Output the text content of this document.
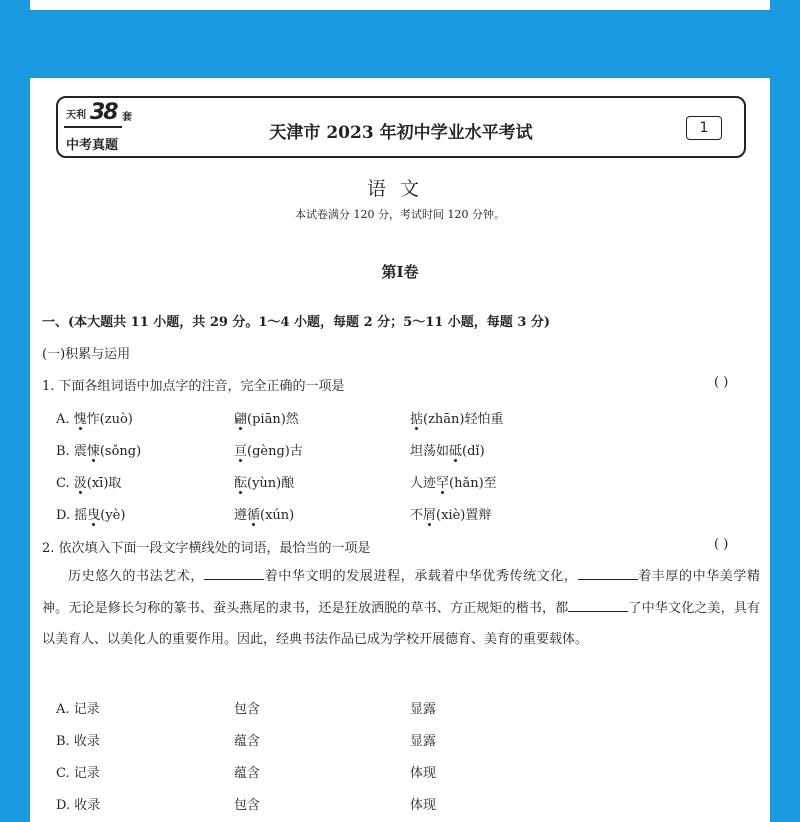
天利 38 套
中考真题
天津市 2023 年初中学业水平考试	1
语文
本试卷满分 120 分，考试时间 120 分钟。
第Ⅰ卷
一、(本大题共 11 小题，共 29 分。1～4 小题，每题 2 分；5～11 小题，每题 3 分)
(一)积累与运用
1. 下面各组词语中加点字的注音，完全正确的一项是	( )
A. 愧怍(zuò)	翩(piān)然	掂(zhān)轻怕重
B. 震悚(sǒng)	亘(gèng)古	坦荡如砥(dǐ)
C. 汲(xī)取	酝(yùn)酿	人迹罕(hǎn)至
D. 摇曳(yè)	遵循(xún)	不屑(xiè)置辩
2. 依次填入下面一段文字横线处的词语，最恰当的一项是	( )
历史悠久的书法艺术，	着中华文明的发展进程，承载着中华优秀传统文化，	着丰厚的中华美学精神。无论是修长匀称的篆书、蚕头燕尾的隶书，还是狂放洒脱的草书、方正规矩的楷书，都	了中华文化之美，具有以美育人、以美化人的重要作用。因此，经典书法作品已成为学校开展德育、美育的重要载体。
A. 记录	包含	显露
B. 收录	蕴含	显露
C. 记录	蕴含	体现
D. 收录	包含	体现
